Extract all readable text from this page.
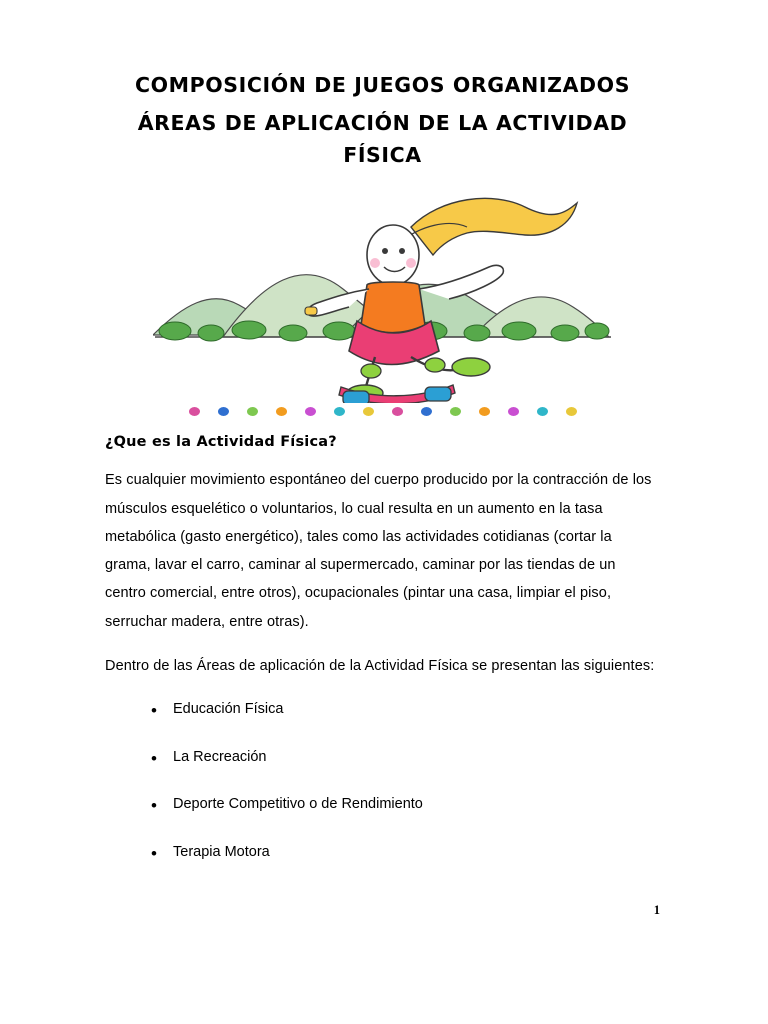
COMPOSICIÓN DE JUEGOS ORGANIZADOS
ÁREAS DE APLICACIÓN DE LA ACTIVIDAD
FÍSICA
¿Que es la Actividad Física?

Es cualquier movimiento espontáneo del cuerpo producido por la contracción de los músculos esquelético o voluntarios, lo cual resulta en un aumento en la tasa metabólica (gasto energético), tales como las actividades cotidianas (cortar la grama, lavar el carro, caminar al supermercado, caminar por las tiendas de un centro comercial, entre otros), ocupacionales (pintar una casa, limpiar el piso, serruchar madera, entre otras).

Dentro de las Áreas de aplicación de la Actividad Física se presentan las siguientes:

• Educación Física
• La Recreación
• Deporte Competitivo o de Rendimiento
• Terapia Motora
1
